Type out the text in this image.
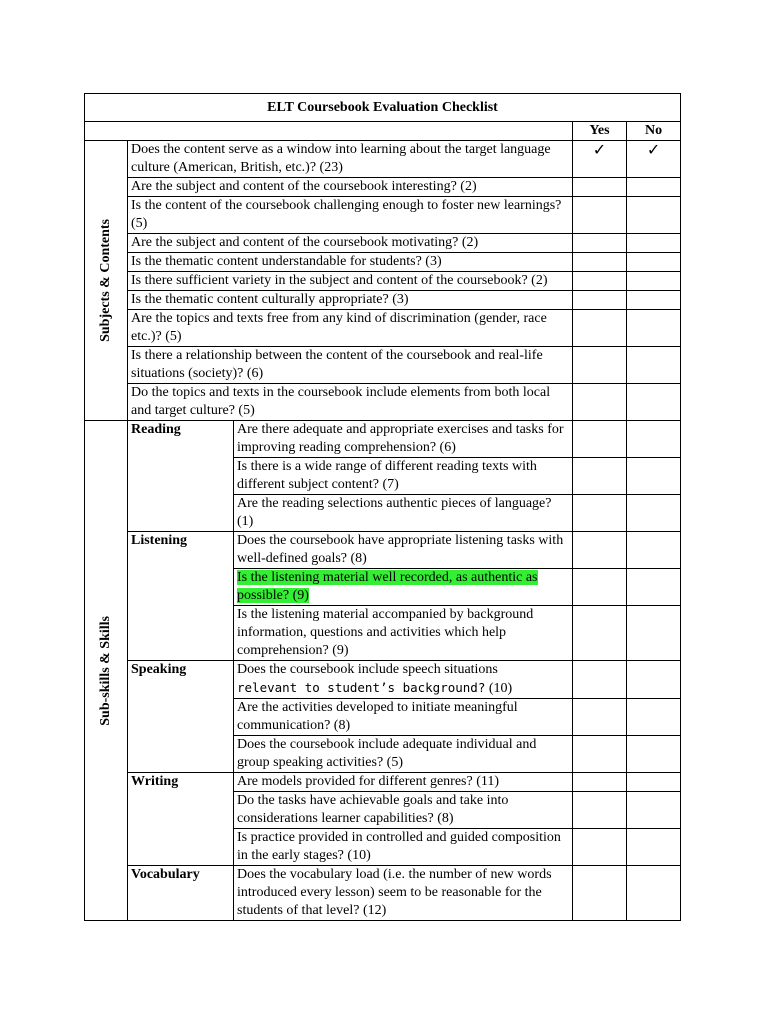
ELT Coursebook Evaluation Checklist				
			Yes	No

Subjects & Contents	Does the content serve as a window into learning about the target language culture (American, British, etc.)? (23)		✓	✓
	Are the subject and content of the coursebook interesting? (2)			
	Is the content of the coursebook challenging enough to foster new learnings? (5)			
	Are the subject and content of the coursebook motivating? (2)			
	Is the thematic content understandable for students? (3)			
	Is there sufficient variety in the subject and content of the coursebook? (2)			
	Is the thematic content culturally appropriate? (3)			
	Are the topics and texts free from any kind of discrimination (gender, race etc.)? (5)			
	Is there a relationship between the content of the coursebook and real-life situations (society)? (6)			
	Do the topics and texts in the coursebook include elements from both local and target culture? (5)			

Sub-skills & Skills	Reading	Are there adequate and appropriate exercises and tasks for improving reading comprehension? (6)		
		Is there is a wide range of different reading texts with different subject content? (7)		
		Are the reading selections authentic pieces of language? (1)		
	Listening	Does the coursebook have appropriate listening tasks with well-defined goals? (8)		
		Is the listening material well recorded, as authentic as possible? (9)		
		Is the listening material accompanied by background information, questions and activities which help comprehension? (9)		
	Speaking	Does the coursebook include speech situations
relevant to student’s background? (10)		
		Are the activities developed to initiate meaningful communication? (8)		
		Does the coursebook include adequate individual and group speaking activities? (5)		
	Writing	Are models provided for different genres? (11)		
		Do the tasks have achievable goals and take into considerations learner capabilities? (8)		
		Is practice provided in controlled and guided composition in the early stages? (10)		
	Vocabulary	Does the vocabulary load (i.e. the number of new words introduced every lesson) seem to be reasonable for the students of that level? (12)		
